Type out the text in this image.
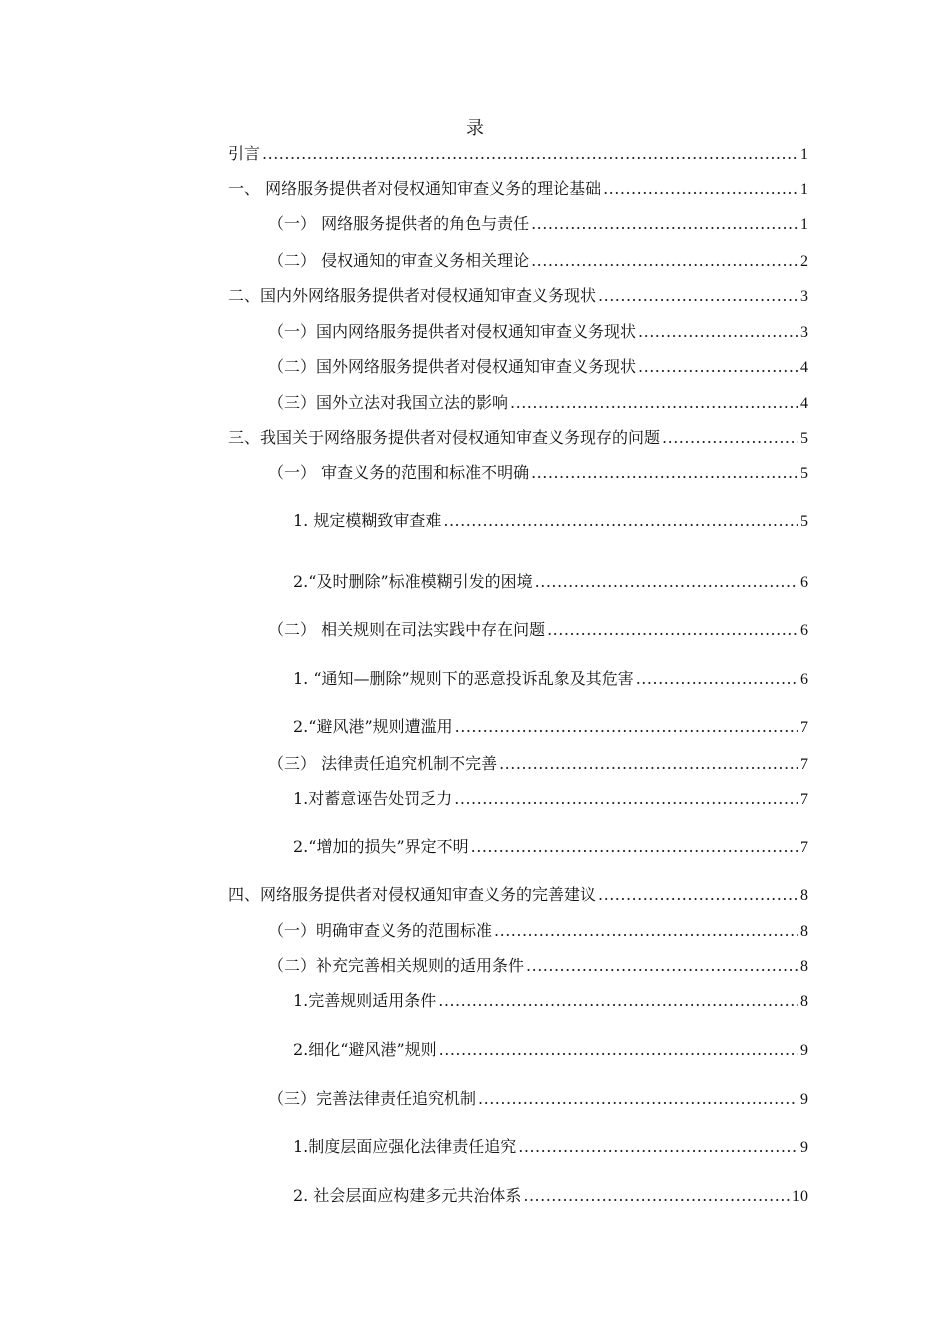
录
引言 .....	1
一、 网络服务提供者对侵权通知审查义务的理论基础 .....	1
（一） 网络服务提供者的角色与责任 .....	1
（二） 侵权通知的审查义务相关理论 .....	2
二、国内外网络服务提供者对侵权通知审查义务现状 .....	3
（一）国内网络服务提供者对侵权通知审查义务现状 .....	3
（二）国外网络服务提供者对侵权通知审查义务现状 .....	4
（三）国外立法对我国立法的影响 .....	4
三、我国关于网络服务提供者对侵权通知审查义务现存的问题 .....	5
（一） 审查义务的范围和标准不明确 .....	5
1. 规定模糊致审查难 .....	5
2.“及时删除”标准模糊引发的困境 .....	6
（二） 相关规则在司法实践中存在问题 .....	6
1. “通知—删除”规则下的恶意投诉乱象及其危害 .....	6
2.“避风港”规则遭滥用 .....	7
（三） 法律责任追究机制不完善 .....	7
1.对蓄意诬告处罚乏力 .....	7
2.“增加的损失”界定不明 .....	7
四、网络服务提供者对侵权通知审查义务的完善建议 .....	8
（一）明确审查义务的范围标准 .....	8
（二）补充完善相关规则的适用条件 .....	8
1.完善规则适用条件 .....	8
2.细化“避风港”规则 .....	9
（三）完善法律责任追究机制 .....	9
1.制度层面应强化法律责任追究 .....	9
2. 社会层面应构建多元共治体系 .....	10
